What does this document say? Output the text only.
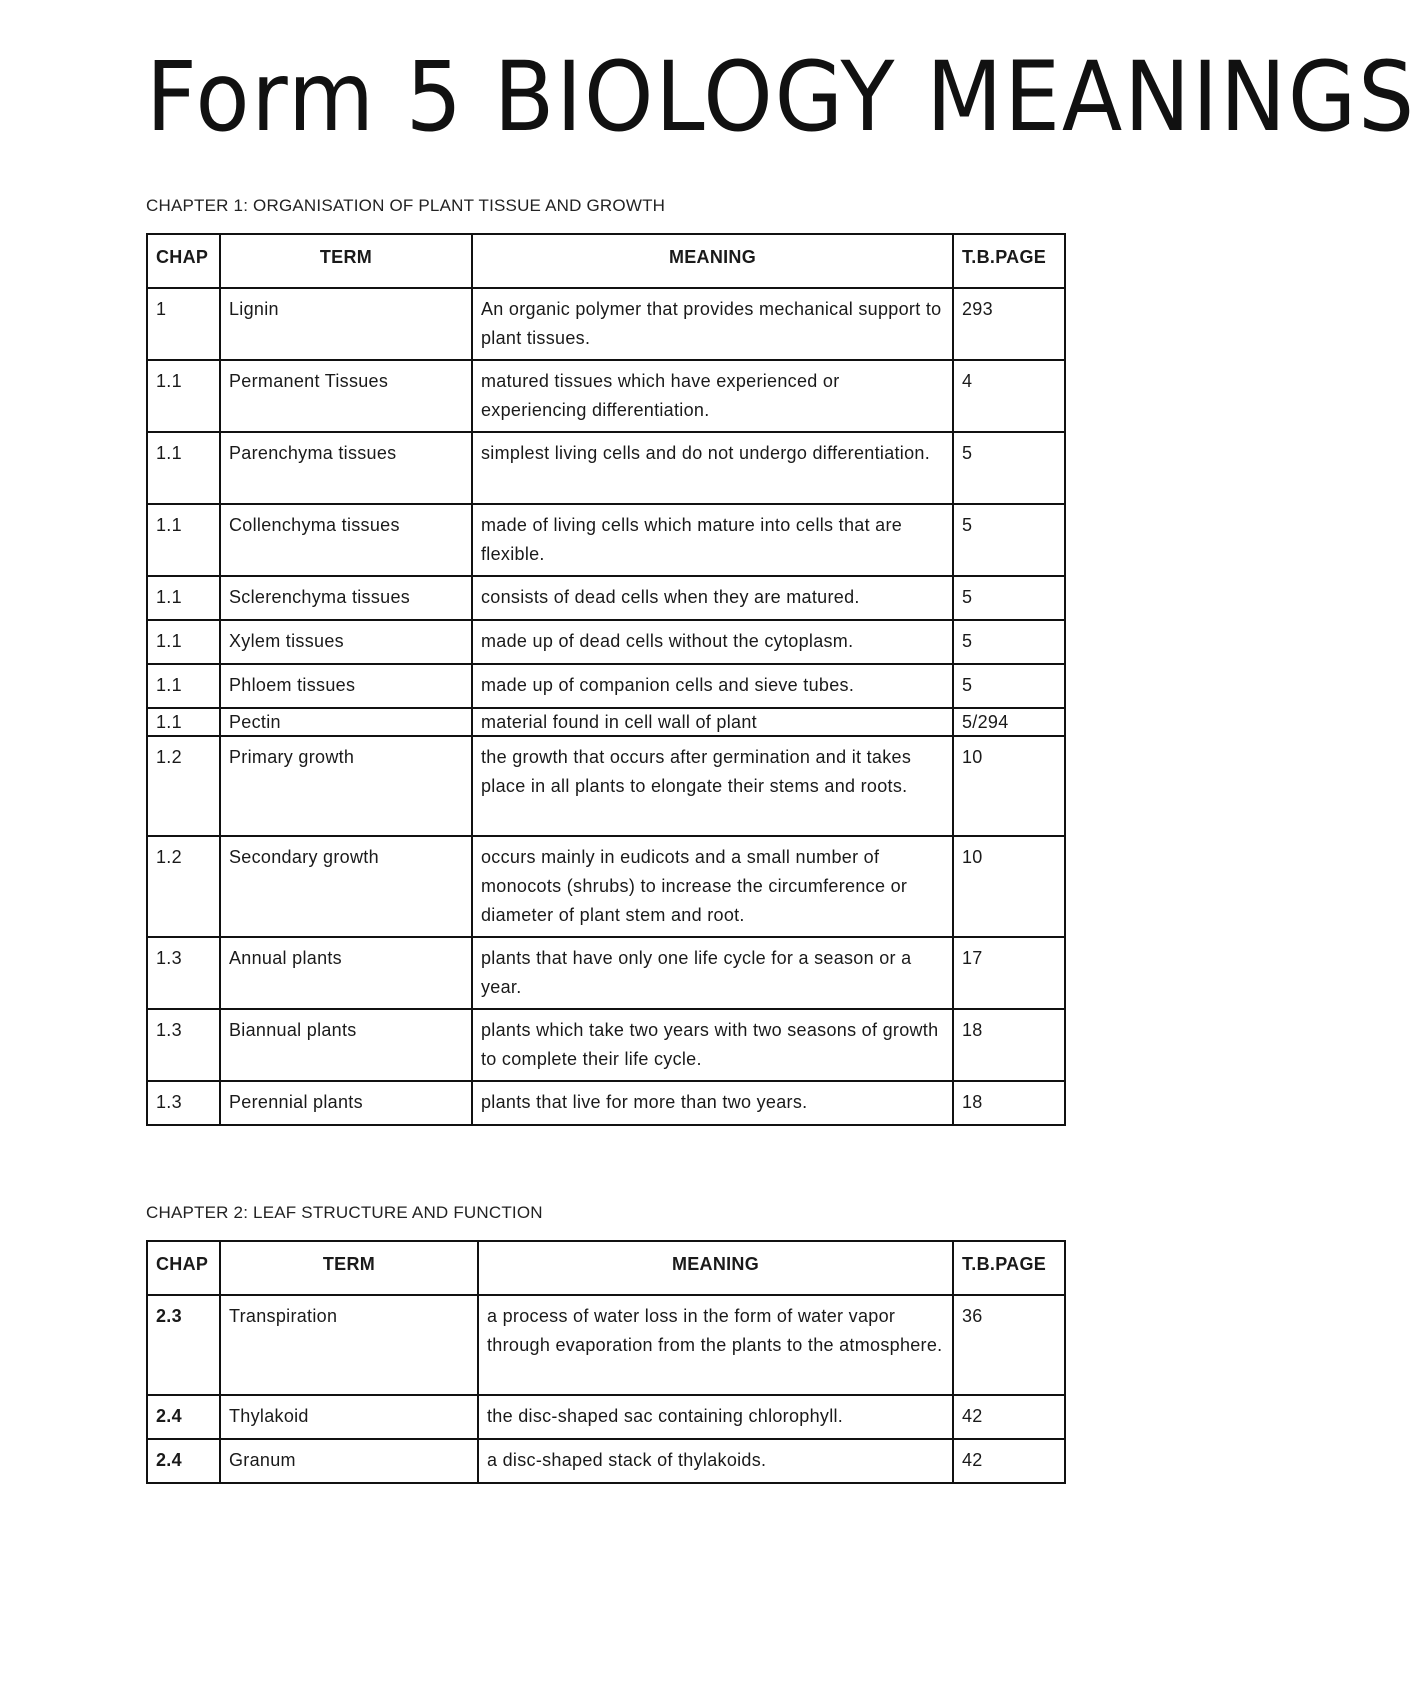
Form 5 BIOLOGY MEANINGS
CHAPTER 1: ORGANISATION OF PLANT TISSUE AND GROWTH
CHAP	TERM	MEANING	T.B.PAGE
1	Lignin	An organic polymer that provides mechanical support to plant tissues.	293
1.1	Permanent Tissues	matured tissues which have experienced or experiencing differentiation.	4
1.1	Parenchyma tissues	simplest living cells and do not undergo differentiation.	5
1.1	Collenchyma tissues	made of living cells which mature into cells that are flexible.	5
1.1	Sclerenchyma tissues	consists of dead cells when they are matured.	5
1.1	Xylem tissues	made up of dead cells without the cytoplasm.	5
1.1	Phloem tissues	made up of companion cells and sieve tubes.	5
1.1	Pectin	material found in cell wall of plant	5/294
1.2	Primary growth	the growth that occurs after germination and it takes place in all plants to elongate their stems and roots.	10
1.2	Secondary growth	occurs mainly in eudicots and a small number of monocots (shrubs) to increase the circumference or diameter of plant stem and root.	10
1.3	Annual plants	plants that have only one life cycle for a season or a year.	17
1.3	Biannual plants	plants which take two years with two seasons of growth to complete their life cycle.	18
1.3	Perennial plants	plants that live for more than two years.	18
CHAPTER 2: LEAF STRUCTURE AND FUNCTION
CHAP	TERM	MEANING	T.B.PAGE
2.3	Transpiration	a process of water loss in the form of water vapor through evaporation from the plants to the atmosphere.	36
2.4	Thylakoid	the disc-shaped sac containing chlorophyll.	42
2.4	Granum	a disc-shaped stack of thylakoids.	42
